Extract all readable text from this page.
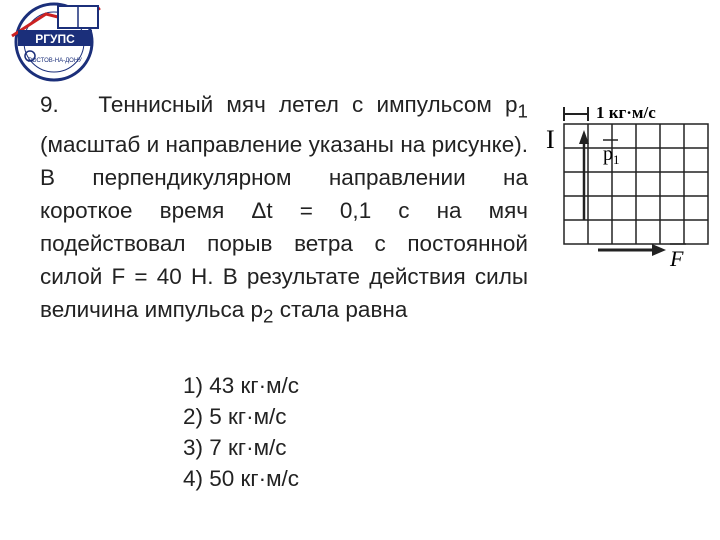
РГУПС
РОСТОВ-НА-ДОНУ

9. Теннисный мяч летел с импульсом $p_1$ (масштаб и направление указаны на рисунке). В перпендикулярном направлении на короткое время Δt = 0,1 с на мяч подействовал порыв ветра с постоянной силой F = 40 Н. В результате действия силы величина импульса $p_2$ стала равна

1) 43 кг·м/с
2) 5 кг·м/с
3) 7 кг·м/с
4) 50 кг·м/с
1 кг·м/с
I $p_1$
F
